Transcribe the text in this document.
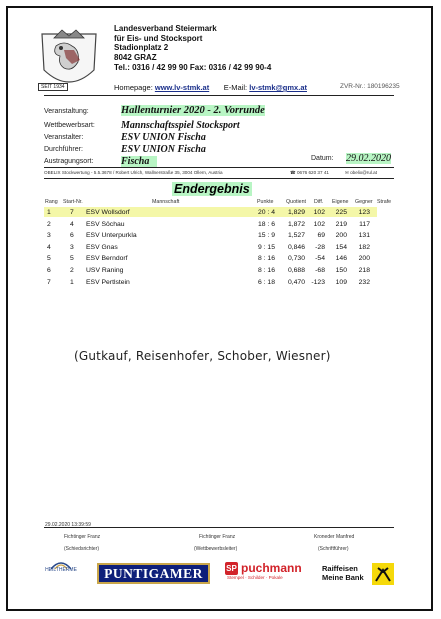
SEIT 1934
Landesverband Steiermark
für Eis- und Stocksport
Stadionplatz 2
8042 GRAZ
Tel.: 0316 / 42 99 90 Fax: 0316 / 42 99 90-4
Homepage: www.lv-stmk.at E-Mail: lv-stmk@gmx.at	ZVR-Nr.: 180196235
Veranstaltung:	Hallenturnier 2020 - 2. Vorrunde
Wettbewerbsart:	Mannschaftsspiel Stocksport
Veranstalter:	ESV UNION Fischa
Durchführer:	ESV UNION Fischa
Austragungsort:	Fischa	Datum: 29.02.2020
OBELIX Stockwertung - 5.5.3678 / Robert Ulrich, Wallnerstraße 35, 3004 Ollern, Austria	☎ 0676 620 37 41	✉ obelix@rul.at
Endergebnis
Rang Start-Nr.	Mannschaft	Punkte Quotient Diff. Eigene Gegner Strafe
1	7 ESV Wollsdorf	20 : 4 1,829 102 225 123
2	4 ESV Söchau	18 : 6 1,872 102 219 117
3	6 ESV Unterpurkla	15 : 9 1,527 69 200 131
4	3 ESV Gnas	9 : 15 0,846 -28 154 182
5	5 ESV Berndorf	8 : 16 0,730 -54 146 200
6	2 USV Raning	8 : 16 0,688 -68 150 218
7	1 ESV Pertlstein	6 : 18 0,470 -123 109 232
(Gutkauf, Reisenhofer, Schober, Wiesner)
29.02.2020 13:39:59
Fichtinger Franz
(Schiedsrichter)
Fichtinger Franz
(Wettbewerbsleiter)
Kroneder Manfred
(Schriftführer)
HEILTHERME	PUNTIGAMER	SP puchmann
Stempel · Schilder · Pokale
Raiffeisen
Meine Bank
